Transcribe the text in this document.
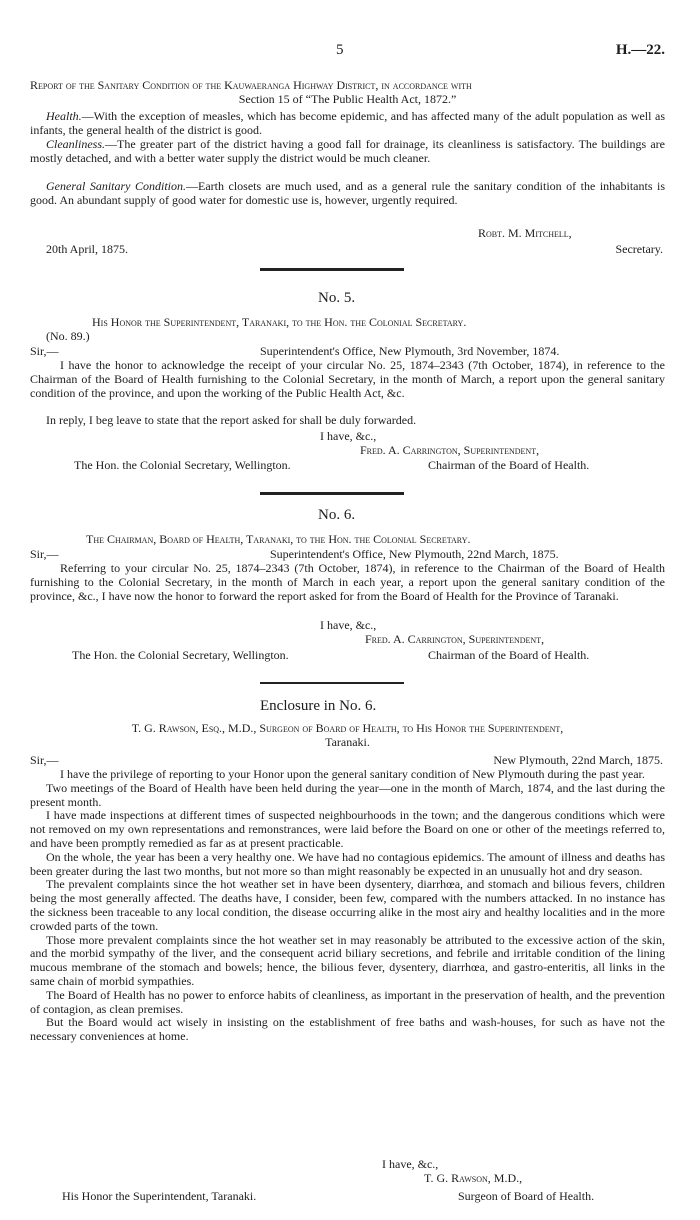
5	H.—22.
Report of the Sanitary Condition of the Kauwaeranga Highway District, in accordance with
Section 15 of “The Public Health Act, 1872.”
Health.—With the exception of measles, which has become epidemic, and has affected many of the adult population as well as infants, the general health of the district is good.
Cleanliness.—The greater part of the district having a good fall for drainage, its cleanliness is satisfactory. The buildings are mostly detached, and with a better water supply the district would be much cleaner.
General Sanitary Condition.—Earth closets are much used, and as a general rule the sanitary condition of the inhabitants is good. An abundant supply of good water for domestic use is, however, urgently required.
Robt. M. Mitchell,
20th April, 1875.	Secretary.
No. 5.
His Honor the Superintendent, Taranaki, to the Hon. the Colonial Secretary.
(No. 89.)
Sir,—	Superintendent's Office, New Plymouth, 3rd November, 1874.
I have the honor to acknowledge the receipt of your circular No. 25, 1874–2343 (7th October, 1874), in reference to the Chairman of the Board of Health furnishing to the Colonial Secretary, in the month of March, a report upon the general sanitary condition of the province, and upon the working of the Public Health Act, &c.
In reply, I beg leave to state that the report asked for shall be duly forwarded.
I have, &c.,
Fred. A. Carrington, Superintendent,
The Hon. the Colonial Secretary, Wellington.	Chairman of the Board of Health.
No. 6.
The Chairman, Board of Health, Taranaki, to the Hon. the Colonial Secretary.
Sir,—	Superintendent's Office, New Plymouth, 22nd March, 1875.
Referring to your circular No. 25, 1874–2343 (7th October, 1874), in reference to the Chairman of the Board of Health furnishing to the Colonial Secretary, in the month of March in each year, a report upon the general sanitary condition of the province, &c., I have now the honor to forward the report asked for from the Board of Health for the Province of Taranaki.
I have, &c.,
Fred. A. Carrington, Superintendent,
The Hon. the Colonial Secretary, Wellington.	Chairman of the Board of Health.
Enclosure in No. 6.
T. G. Rawson, Esq., M.D., Surgeon of Board of Health, to His Honor the Superintendent,
Taranaki.
Sir,—	New Plymouth, 22nd March, 1875.

I have the privilege of reporting to your Honor upon the general sanitary condition of New Plymouth during the past year.

Two meetings of the Board of Health have been held during the year—one in the month of March, 1874, and the last during the present month.

I have made inspections at different times of suspected neighbourhoods in the town; and the dangerous conditions which were not removed on my own representations and remonstrances, were laid before the Board on one or other of the meetings referred to, and have been promptly remedied as far as at present practicable.

On the whole, the year has been a very healthy one. We have had no contagious epidemics. The amount of illness and deaths has been greater during the last two months, but not more so than might reasonably be expected in an unusually hot and dry season.

The prevalent complaints since the hot weather set in have been dysentery, diarrhœa, and stomach and bilious fevers, children being the most generally affected. The deaths have, I consider, been few, compared with the numbers attacked. In no instance has the sickness been traceable to any local condition, the disease occurring alike in the most airy and healthy localities and in the more crowded parts of the town.

Those more prevalent complaints since the hot weather set in may reasonably be attributed to the excessive action of the skin, and the morbid sympathy of the liver, and the consequent acrid biliary secretions, and febrile and irritable condition of the lining mucous membrane of the stomach and bowels; hence, the bilious fever, dysentery, diarrhœa, and gastro-enteritis, all links in the same chain of morbid sympathies.

The Board of Health has no power to enforce habits of cleanliness, as important in the preservation of health, and the prevention of contagion, as clean premises.

But the Board would act wisely in insisting on the establishment of free baths and wash-houses, for such as have not the necessary conveniences at home.

I have, &c.,
T. G. Rawson, M.D.,
His Honor the Superintendent, Taranaki.	Surgeon of Board of Health.
